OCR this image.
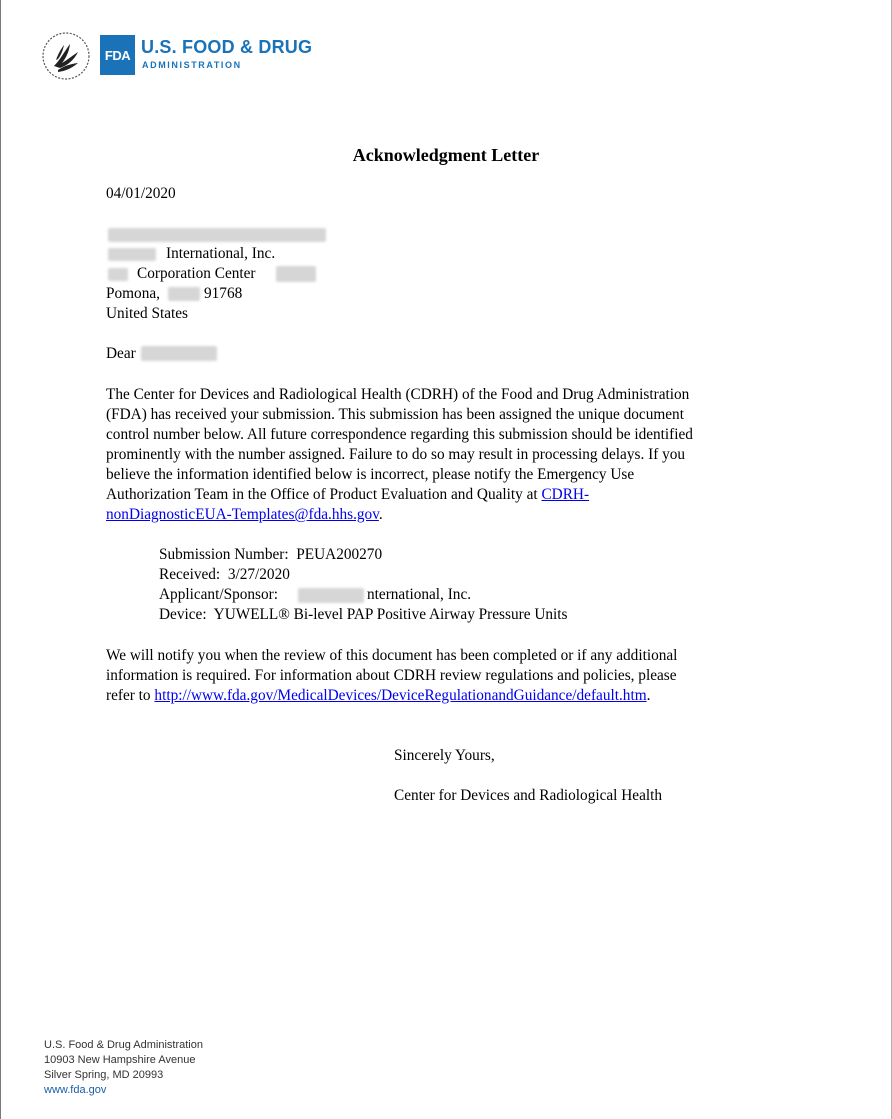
FDA U.S. FOOD & DRUG
ADMINISTRATION
Acknowledgment Letter
04/01/2020
International, Inc.
Corporation Center
Pomona,	91768
United States
Dear
The Center for Devices and Radiological Health (CDRH) of the Food and Drug Administration
(FDA) has received your submission. This submission has been assigned the unique document
control number below. All future correspondence regarding this submission should be identified
prominently with the number assigned. Failure to do so may result in processing delays. If you
believe the information identified below is incorrect, please notify the Emergency Use
Authorization Team in the Office of Product Evaluation and Quality at CDRH-
nonDiagnosticEUA-Templates@fda.hhs.gov.
Submission Number: PEUA200270
Received: 3/27/2020
Applicant/Sponsor:	nternational, Inc.
Device: YUWELL® Bi-level PAP Positive Airway Pressure Units
We will notify you when the review of this document has been completed or if any additional
information is required. For information about CDRH review regulations and policies, please
refer to http://www.fda.gov/MedicalDevices/DeviceRegulationandGuidance/default.htm.
Sincerely Yours,
Center for Devices and Radiological Health
U.S. Food & Drug Administration
10903 New Hampshire Avenue
Silver Spring, MD 20993
www.fda.gov
